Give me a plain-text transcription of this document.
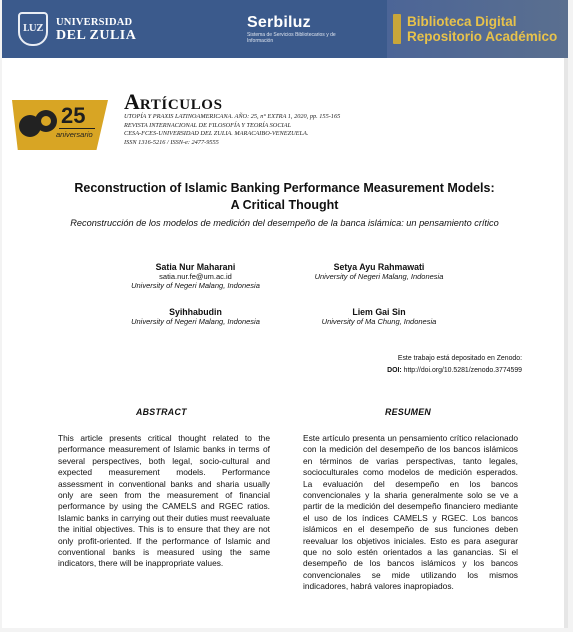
LUZ
UNIVERSIDAD
DEL ZULIA
Serbiluz
Sistema de Servicios Bibliotecarios y de Información
Biblioteca Digital
Repositorio Académico
25
aniversario
ARTÍCULOS
UTOPÍA Y PRAXIS LATINOAMERICANA. AÑO: 25, n° EXTRA 1, 2020, pp. 155-165
REVISTA INTERNACIONAL DE FILOSOFÍA Y TEORÍA SOCIAL
CESA-FCES-UNIVERSIDAD DEL ZULIA. MARACAIBO-VENEZUELA.
ISSN 1316-5216 / ISSN-e: 2477-9555
Reconstruction of Islamic Banking Performance Measurement Models:
A Critical Thought
Reconstrucción de los modelos de medición del desempeño de la banca islámica: un pensamiento crítico
Satia Nur Maharani
satia.nur.fe@um.ac.id
University of Negeri Malang, Indonesia
Setya Ayu Rahmawati
University of Negeri Malang, Indonesia
Syihhabudin
University of Negeri Malang, Indonesia
Liem Gai Sin
University of Ma Chung, Indonesia
Este trabajo está depositado en Zenodo:
DOI: http://doi.org/10.5281/zenodo.3774599
ABSTRACT	RESUMEN
This article presents critical thought related to the performance measurement of Islamic banks in terms of several perspectives, both legal, socio-cultural and expected measurement models. Performance assessment in conventional banks and sharia usually only are seen from the measurement of financial performance by using the CAMELS and RGEC ratios. Islamic banks in carrying out their duties must reevaluate the initial objectives. This is to ensure that they are not only profit-oriented. If the performance of Islamic and conventional banks is measured using the same indicators, there will be inappropriate values.
Este artículo presenta un pensamiento crítico relacionado con la medición del desempeño de los bancos islámicos en términos de varias perspectivas, tanto legales, socioculturales como modelos de medición esperados. La evaluación del desempeño en los bancos convencionales y la sharia generalmente solo se ve a partir de la medición del desempeño financiero mediante el uso de los índices CAMELS y RGEC. Los bancos islámicos en el desempeño de sus funciones deben reevaluar los objetivos iniciales. Esto es para asegurar que no solo estén orientados a las ganancias. Si el desempeño de los bancos islámicos y los bancos convencionales se mide utilizando los mismos indicadores, habrá valores inapropiados.
